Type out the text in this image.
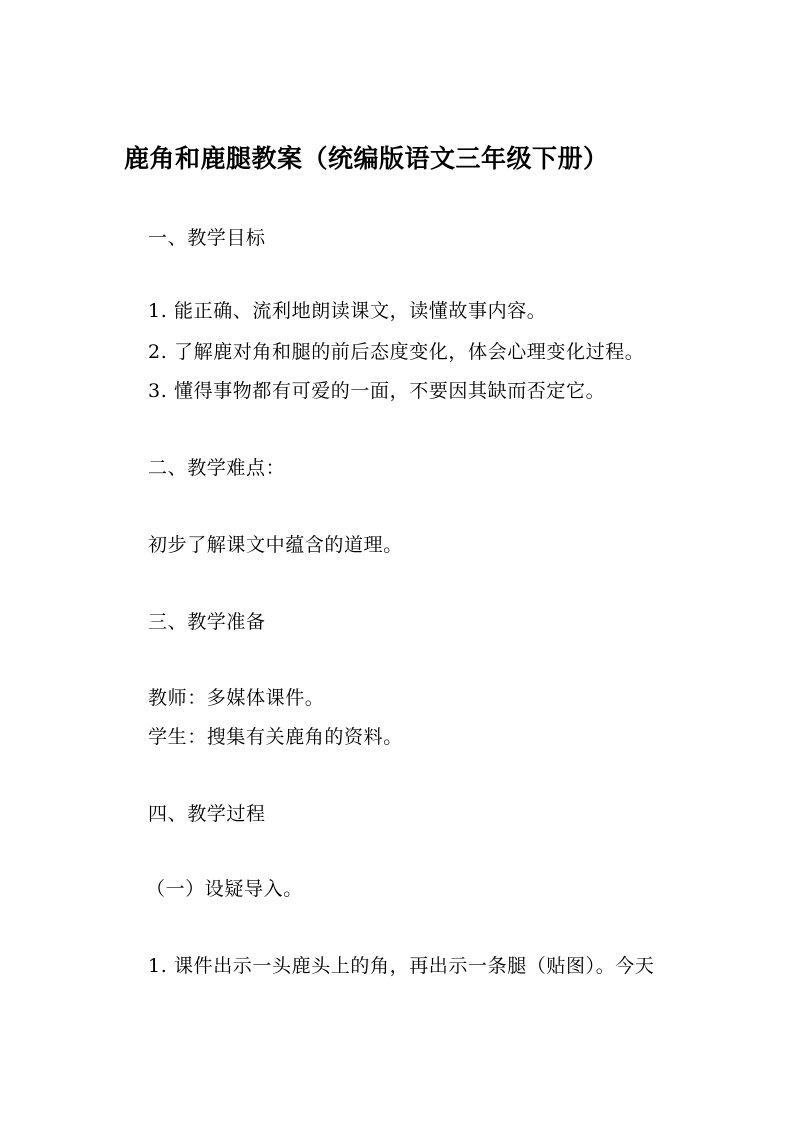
鹿角和鹿腿教案（统编版语文三年级下册）
一、教学目标
1. 能正确、流利地朗读课文，读懂故事内容。
2. 了解鹿对角和腿的前后态度变化，体会心理变化过程。
3. 懂得事物都有可爱的一面，不要因其缺而否定它。
二、教学难点：
初步了解课文中蕴含的道理。
三、教学准备
教师：多媒体课件。
学生：搜集有关鹿角的资料。
四、教学过程
（一）设疑导入。
1. 课件出示一头鹿头上的角，再出示一条腿（贴图）。今天
